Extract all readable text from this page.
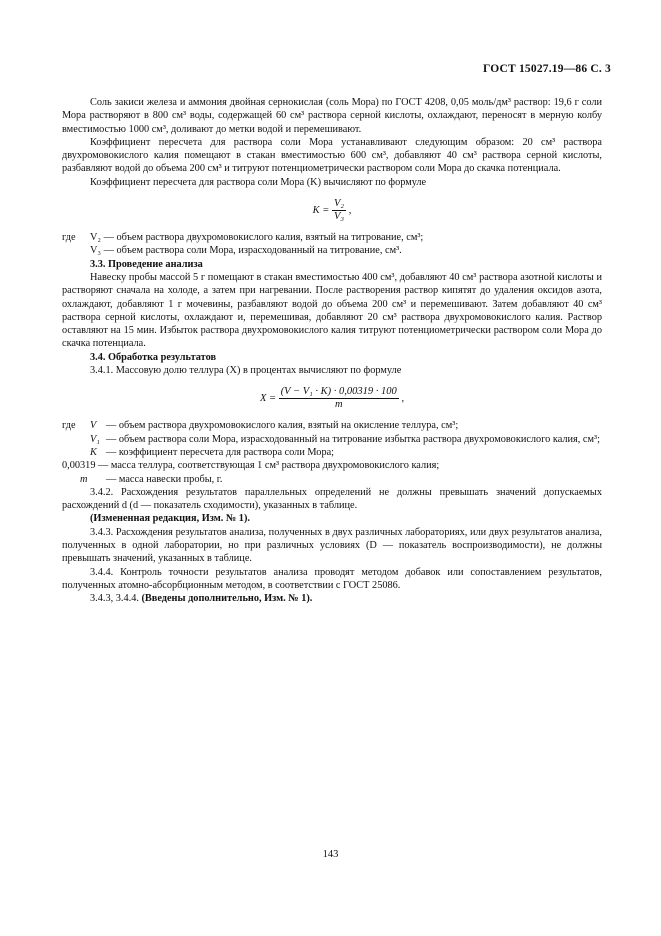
ГОСТ 15027.19—86 С. 3

Соль закиси железа и аммония двойная сернокислая (соль Мора) по ГОСТ 4208, 0,05 моль/дм³ раствор: 19,6 г соли Мора растворяют в 800 см³ воды, содержащей 60 см³ раствора серной кислоты, охлаждают, переносят в мерную колбу вместимостью 1000 см³, доливают до метки водой и перемешивают.

Коэффициент пересчета для раствора соли Мора устанавливают следующим образом: 20 см³ раствора двухромовокислого калия помещают в стакан вместимостью 600 см³, добавляют 40 см³ раствора серной кислоты, разбавляют водой до объема 200 см³ и титруют потенциометрически раствором соли Мора до скачка потенциала.

Коэффициент пересчета для раствора соли Мора (K) вычисляют по формуле

$K = \frac{\text{V₂}}{\text{V₃}}$ ,
где	V₂ — объем раствора двухромовокислого калия, взятый на титрование, см³;

V₃ — объем раствора соли Мора, израсходованный на титрование, см³.

3.3. Проведение анализа

Навеску пробы массой 5 г помещают в стакан вместимостью 400 см³, добавляют 40 см³ раствора азотной кислоты и растворяют сначала на холоде, а затем при нагревании. После растворения раствор кипятят до удаления оксидов азота, охлаждают, добавляют 1 г мочевины, разбавляют водой до объема 200 см³ и перемешивают. Затем добавляют 40 см³ раствора серной кислоты, охлаждают и, перемешивая, добавляют 20 см³ раствора двухромовокислого калия. Раствор оставляют на 15 мин. Избыток раствора двухромовокислого калия титруют потенциометрически раствором соли Мора до скачка потенциала.

3.4. Обработка результатов

3.4.1. Массовую долю теллура (X) в процентах вычисляют по формуле

$X = \frac{\text{(V − V₁ · K) · 0,00319 · 100}}{m}$ ,
где	V — объем раствора двухромовокислого калия, взятый на окисление теллура, см³;
V₁ — объем раствора соли Мора, израсходованный на титрование избытка раствора двухромовокислого калия, см³;
K — коэффициент пересчета для раствора соли Мора;

0,00319 — масса теллура, соответствующая 1 см³ раствора двухромовокислого калия;

m	— масса навески пробы, г.

3.4.2. Расхождения результатов параллельных определений не должны превышать значений допускаемых расхождений d (d — показатель сходимости), указанных в таблице.

(Измененная редакция, Изм. № 1).

3.4.3. Расхождения результатов анализа, полученных в двух различных лабораториях, или двух результатов анализа, полученных в одной лаборатории, но при различных условиях (D — показатель воспроизводимости), не должны превышать значений, указанных в таблице.

3.4.4. Контроль точности результатов анализа проводят методом добавок или сопоставлением результатов, полученных атомно-абсорбционным методом, в соответствии с ГОСТ 25086.

3.4.3, 3.4.4. (Введены дополнительно, Изм. № 1).

143
